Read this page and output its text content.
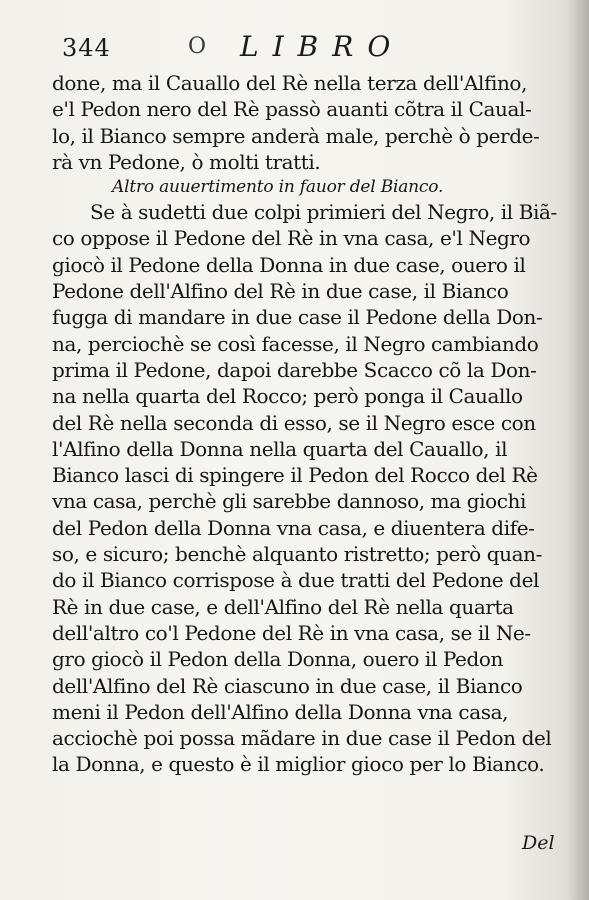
344	O LIBRO
done, ma il Cauallo del Rè nella terza dell'Alfino,
e'l Pedon nero del Rè passò auanti cõtra il Caual-
lo, il Bianco sempre anderà male, perchè ò perde-
rà vn Pedone, ò molti tratti.
Altro auuertimento in fauor del Bianco.
Se à sudetti due colpi primieri del Negro, il Biã-
co oppose il Pedone del Rè in vna casa, e'l Negro
giocò il Pedone della Donna in due case, ouero il
Pedone dell'Alfino del Rè in due case, il Bianco
fugga di mandare in due case il Pedone della Don-
na, perciochè se così facesse, il Negro cambiando
prima il Pedone, dapoi darebbe Scacco cõ la Don-
na nella quarta del Rocco; però ponga il Cauallo
del Rè nella seconda di esso, se il Negro esce con
l'Alfino della Donna nella quarta del Cauallo, il
Bianco lasci di spingere il Pedon del Rocco del Rè
vna casa, perchè gli sarebbe dannoso, ma giochi
del Pedon della Donna vna casa, e diuentera dife-
so, e sicuro; benchè alquanto ristretto; però quan-
do il Bianco corrispose à due tratti del Pedone del
Rè in due case, e dell'Alfino del Rè nella quarta
dell'altro co'l Pedone del Rè in vna casa, se il Ne-
gro giocò il Pedon della Donna, ouero il Pedon
dell'Alfino del Rè ciascuno in due case, il Bianco
meni il Pedon dell'Alfino della Donna vna casa,
acciochè poi possa mãdare in due case il Pedon del
la Donna, e questo è il miglior gioco per lo Bianco.
Del
